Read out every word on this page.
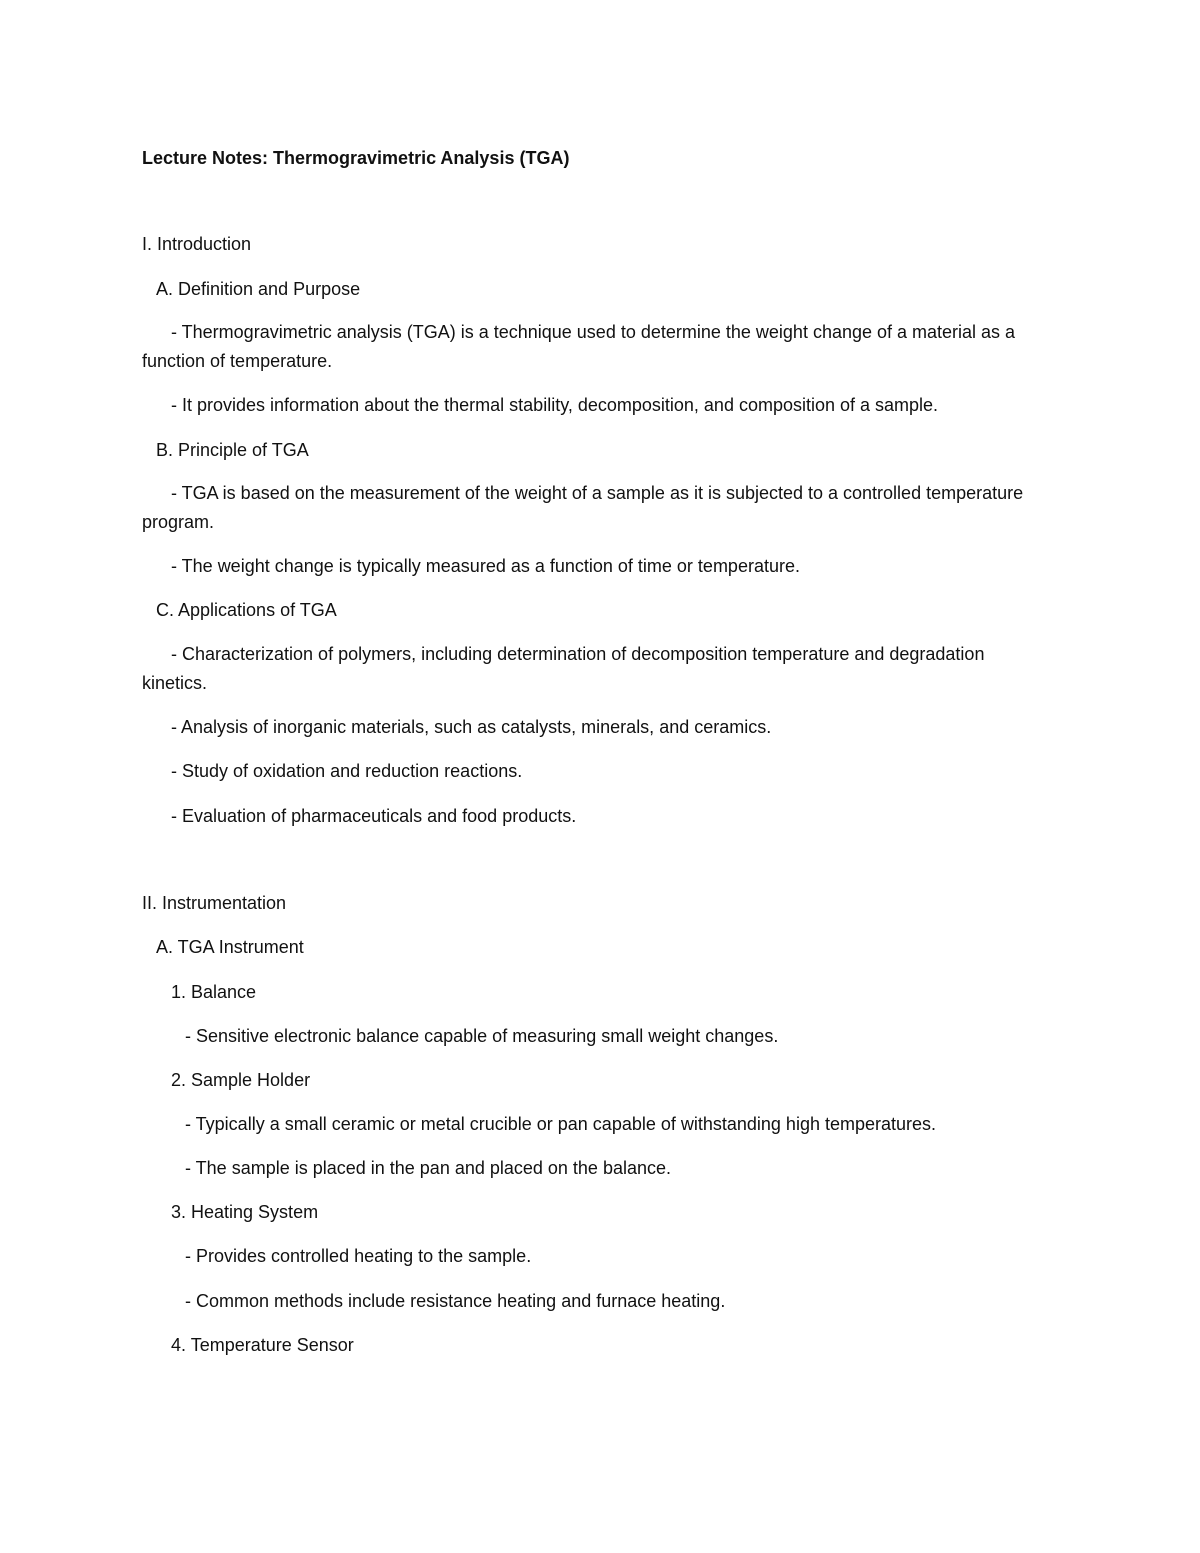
Lecture Notes: Thermogravimetric Analysis (TGA)

I. Introduction

A. Definition and Purpose

- Thermogravimetric analysis (TGA) is a technique used to determine the weight change of a material as a function of temperature.

- It provides information about the thermal stability, decomposition, and composition of a sample.

B. Principle of TGA

- TGA is based on the measurement of the weight of a sample as it is subjected to a controlled temperature program.

- The weight change is typically measured as a function of time or temperature.

C. Applications of TGA

- Characterization of polymers, including determination of decomposition temperature and degradation kinetics.

- Analysis of inorganic materials, such as catalysts, minerals, and ceramics.

- Study of oxidation and reduction reactions.

- Evaluation of pharmaceuticals and food products.

II. Instrumentation

A. TGA Instrument

1. Balance

- Sensitive electronic balance capable of measuring small weight changes.

2. Sample Holder

- Typically a small ceramic or metal crucible or pan capable of withstanding high temperatures.

- The sample is placed in the pan and placed on the balance.

3. Heating System

- Provides controlled heating to the sample.

- Common methods include resistance heating and furnace heating.

4. Temperature Sensor
